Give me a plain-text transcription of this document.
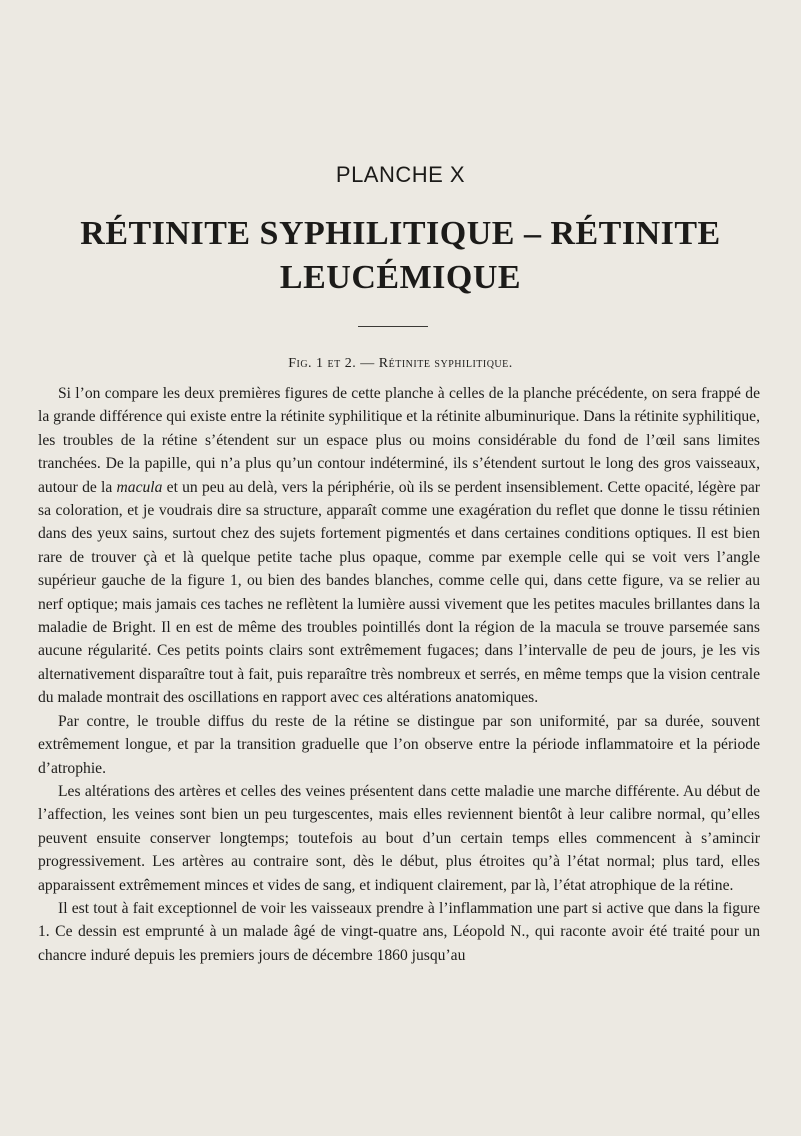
PLANCHE X
RÉTINITE SYPHILITIQUE – RÉTINITE
LEUCÉMIQUE
Fig. 1 et 2. — Rétinite syphilitique.

Si l’on compare les deux premières figures de cette planche à celles de la planche précédente, on sera frappé de la grande différence qui existe entre la rétinite syphilitique et la rétinite albuminurique. Dans la rétinite syphilitique, les troubles de la rétine s’étendent sur un espace plus ou moins considérable du fond de l’œil sans limites tranchées. De la papille, qui n’a plus qu’un contour indéterminé, ils s’étendent surtout le long des gros vaisseaux, autour de la macula et un peu au delà, vers la périphérie, où ils se perdent insensiblement. Cette opacité, légère par sa coloration, et je voudrais dire sa structure, apparaît comme une exagération du reflet que donne le tissu rétinien dans des yeux sains, surtout chez des sujets fortement pigmentés et dans certaines conditions optiques. Il est bien rare de trouver çà et là quelque petite tache plus opaque, comme par exemple celle qui se voit vers l’angle supérieur gauche de la figure 1, ou bien des bandes blanches, comme celle qui, dans cette figure, va se relier au nerf optique; mais jamais ces taches ne reflètent la lumière aussi vivement que les petites macules brillantes dans la maladie de Bright. Il en est de même des troubles pointillés dont la région de la macula se trouve parsemée sans aucune régularité. Ces petits points clairs sont extrêmement fugaces; dans l’intervalle de peu de jours, je les vis alternativement disparaître tout à fait, puis reparaître très nombreux et serrés, en même temps que la vision centrale du malade montrait des oscillations en rapport avec ces altérations anatomiques.

Par contre, le trouble diffus du reste de la rétine se distingue par son uniformité, par sa durée, souvent extrêmement longue, et par la transition graduelle que l’on observe entre la période inflammatoire et la période d’atrophie.

Les altérations des artères et celles des veines présentent dans cette maladie une marche différente. Au début de l’affection, les veines sont bien un peu turgescentes, mais elles reviennent bientôt à leur calibre normal, qu’elles peuvent ensuite conserver longtemps; toutefois au bout d’un certain temps elles commencent à s’amincir progressivement. Les artères au contraire sont, dès le début, plus étroites qu’à l’état normal; plus tard, elles apparaissent extrêmement minces et vides de sang, et indiquent clairement, par là, l’état atrophique de la rétine.

Il est tout à fait exceptionnel de voir les vaisseaux prendre à l’inflammation une part si active que dans la figure 1. Ce dessin est emprunté à un malade âgé de vingt-quatre ans, Léopold N., qui raconte avoir été traité pour un chancre induré depuis les premiers jours de décembre 1860 jusqu’au
